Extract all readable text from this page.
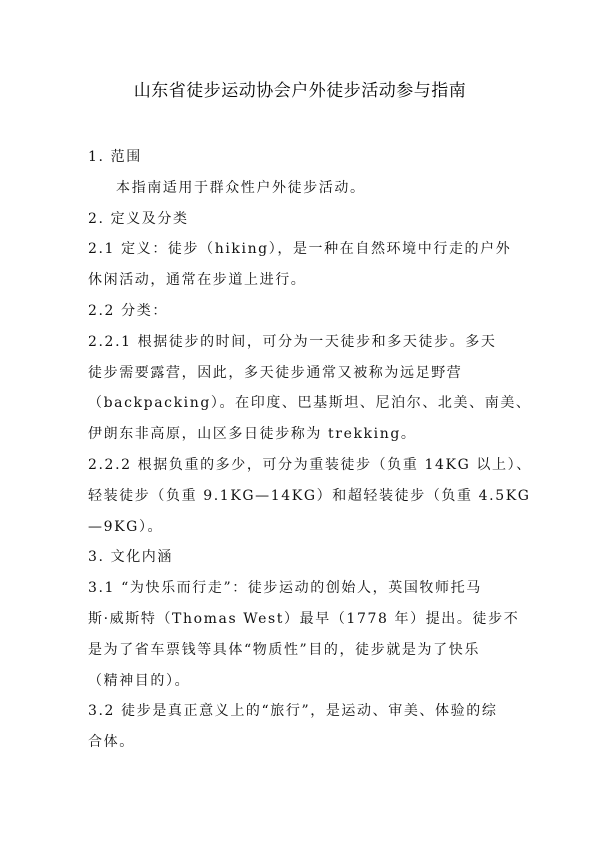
山东省徒步运动协会户外徒步活动参与指南
1. 范围
本指南适用于群众性户外徒步活动。
2. 定义及分类
2.1 定义：徒步（hiking），是一种在自然环境中行走的户外
休闲活动，通常在步道上进行。
2.2 分类：
2.2.1 根据徒步的时间，可分为一天徒步和多天徒步。多天
徒步需要露营，因此，多天徒步通常又被称为远足野营
（backpacking）。在印度、巴基斯坦、尼泊尔、北美、南美、
伊朗东非高原，山区多日徒步称为 trekking。
2.2.2 根据负重的多少，可分为重装徒步（负重 14KG 以上）、
轻装徒步（负重 9.1KG—14KG）和超轻装徒步（负重 4.5KG
—9KG）。
3. 文化内涵
3.1 “为快乐而行走”：徒步运动的创始人，英国牧师托马
斯·威斯特（Thomas West）最早（1778 年）提出。徒步不
是为了省车票钱等具体“物质性”目的，徒步就是为了快乐
（精神目的）。
3.2 徒步是真正意义上的“旅行”，是运动、审美、体验的综
合体。
